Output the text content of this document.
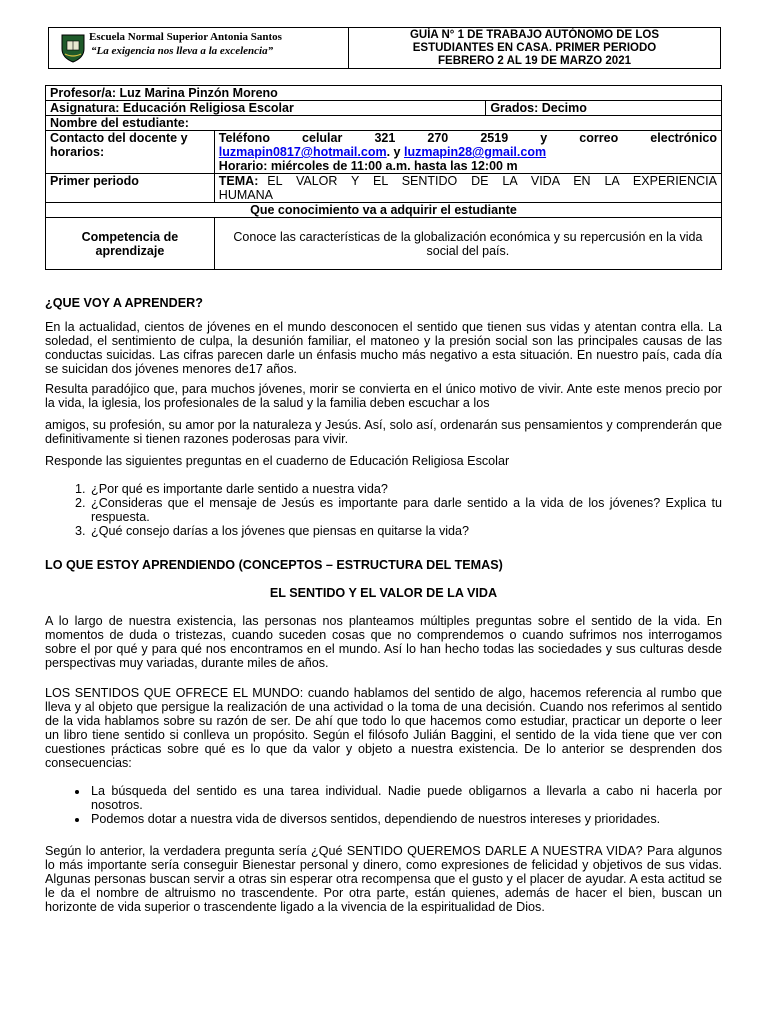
Escuela Normal Superior Antonia Santos
“La exigencia nos lleva a la excelencia”
GUÍA N° 1 DE TRABAJO AUTÓNOMO DE LOS
ESTUDIANTES EN CASA. PRIMER PERIODO
FEBRERO 2 AL 19 DE MARZO 2021
Profesor/a: Luz Marina Pinzón Moreno		
Asignatura: Educación Religiosa Escolar		Grados: Decimo
Nombre del estudiante:		
Contacto del docente y horarios:	Teléfono celular 321 270 2519 y correo electrónico
luzmapin0817@hotmail.com. y luzmapin28@gmail.com
Horario: miércoles de 11:00 a.m. hasta las 12:00 m	

Primer periodo	TEMA: EL VALOR Y EL SENTIDO DE LA VIDA EN LA EXPERIENCIA HUMANA	
Que conocimiento va a adquirir el estudiante		
Competencia de aprendizaje	Conoce las características de la globalización económica y su repercusión en la vida social del país.	
¿QUE VOY A APRENDER?

En la actualidad, cientos de jóvenes en el mundo desconocen el sentido que tienen sus vidas y atentan contra ella. La soledad, el sentimiento de culpa, la desunión familiar, el matoneo y la presión social son las principales causas de las conductas suicidas. Las cifras parecen darle un énfasis mucho más negativo a esta situación. En nuestro país, cada día se suicidan dos jóvenes menores de17 años.

Resulta paradójico que, para muchos jóvenes, morir se convierta en el único motivo de vivir. Ante este menos precio por la vida, la iglesia, los profesionales de la salud y la familia deben escuchar a los

amigos, su profesión, su amor por la naturaleza y Jesús. Así, solo así, ordenarán sus pensamientos y comprenderán que definitivamente si tienen razones poderosas para vivir.

Responde las siguientes preguntas en el cuaderno de Educación Religiosa Escolar

1. ¿Por qué es importante darle sentido a nuestra vida?
2. ¿Consideras que el mensaje de Jesús es importante para darle sentido a la vida de los jóvenes? Explica tu respuesta.
3. ¿Qué consejo darías a los jóvenes que piensas en quitarse la vida?
LO QUE ESTOY APRENDIENDO (CONCEPTOS – ESTRUCTURA DEL TEMAS)
EL SENTIDO Y EL VALOR DE LA VIDA

A lo largo de nuestra existencia, las personas nos planteamos múltiples preguntas sobre el sentido de la vida. En momentos de duda o tristezas, cuando suceden cosas que no comprendemos o cuando sufrimos nos interrogamos sobre el por qué y para qué nos encontramos en el mundo. Así lo han hecho todas las sociedades y sus culturas desde perspectivas muy variadas, durante miles de años.

LOS SENTIDOS QUE OFRECE EL MUNDO: cuando hablamos del sentido de algo, hacemos referencia al rumbo que lleva y al objeto que persigue la realización de una actividad o la toma de una decisión. Cuando nos referimos al sentido de la vida hablamos sobre su razón de ser. De ahí que todo lo que hacemos como estudiar, practicar un deporte o leer un libro tiene sentido si conlleva un propósito. Según el filósofo Julián Baggini, el sentido de la vida tiene que ver con cuestiones prácticas sobre qué es lo que da valor y objeto a nuestra existencia. De lo anterior se desprenden dos consecuencias:

• La búsqueda del sentido es una tarea individual. Nadie puede obligarnos a llevarla a cabo ni hacerla por nosotros.
• Podemos dotar a nuestra vida de diversos sentidos, dependiendo de nuestros intereses y prioridades.

Según lo anterior, la verdadera pregunta sería ¿Qué SENTIDO QUEREMOS DARLE A NUESTRA VIDA? Para algunos lo más importante sería conseguir Bienestar personal y dinero, como expresiones de felicidad y objetivos de sus vidas. Algunas personas buscan servir a otras sin esperar otra recompensa que el gusto y el placer de ayudar. A esta actitud se le da el nombre de altruismo no trascendente. Por otra parte, están quienes, además de hacer el bien, buscan un horizonte de vida superior o trascendente ligado a la vivencia de la espiritualidad de Dios.
